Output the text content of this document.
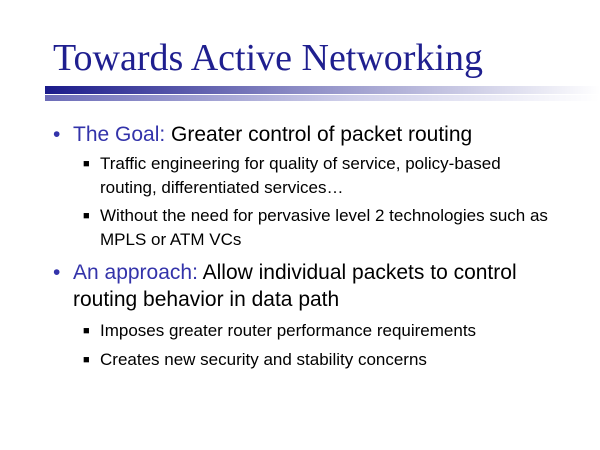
Towards Active Networking
• The Goal: Greater control of packet routing
■ Traffic engineering for quality of service, policy-based routing, differentiated services…
■ Without the need for pervasive level 2 technologies such as MPLS or ATM VCs
• An approach: Allow individual packets to control routing behavior in data path
■ Imposes greater router performance requirements
■ Creates new security and stability concerns
